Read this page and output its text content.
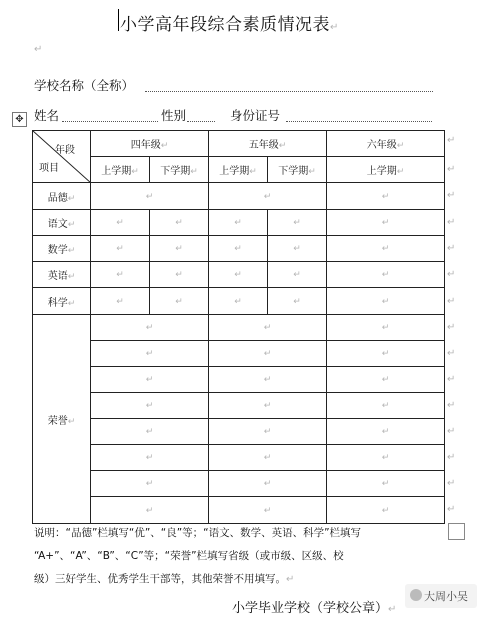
小学高年段综合素质情况表↵
↵
学校名称（全称）
✥ 姓名	性别	身份证号
年段
项目	四年级↵		五年级↵		六年级↵
	上学期↵	下学期↵	上学期↵	下学期↵	上学期↵
品德↵	↵		↵		↵
语文↵	↵	↵	↵	↵	↵
数学↵	↵	↵	↵	↵	↵
英语↵	↵	↵	↵	↵	↵
科学↵	↵	↵	↵	↵	↵
荣誉↵	↵		↵		↵
	↵		↵		↵
	↵		↵		↵
	↵		↵		↵
	↵		↵		↵
	↵		↵		↵
	↵		↵		↵
	↵		↵		↵
↵
↵
↵
↵
↵
↵
↵
↵
↵
↵
↵
↵
↵
↵
↵
说明：“品德”栏填写“优”、“良”等；“语文、数学、英语、科学”栏填写
“A+”、“A”、“B”、“C”等；“荣誉”栏填写省级（或市级、区级、校
级）三好学生、优秀学生干部等，其他荣誉不用填写。↵
小学毕业学校（学校公章）↵
大周小吴
